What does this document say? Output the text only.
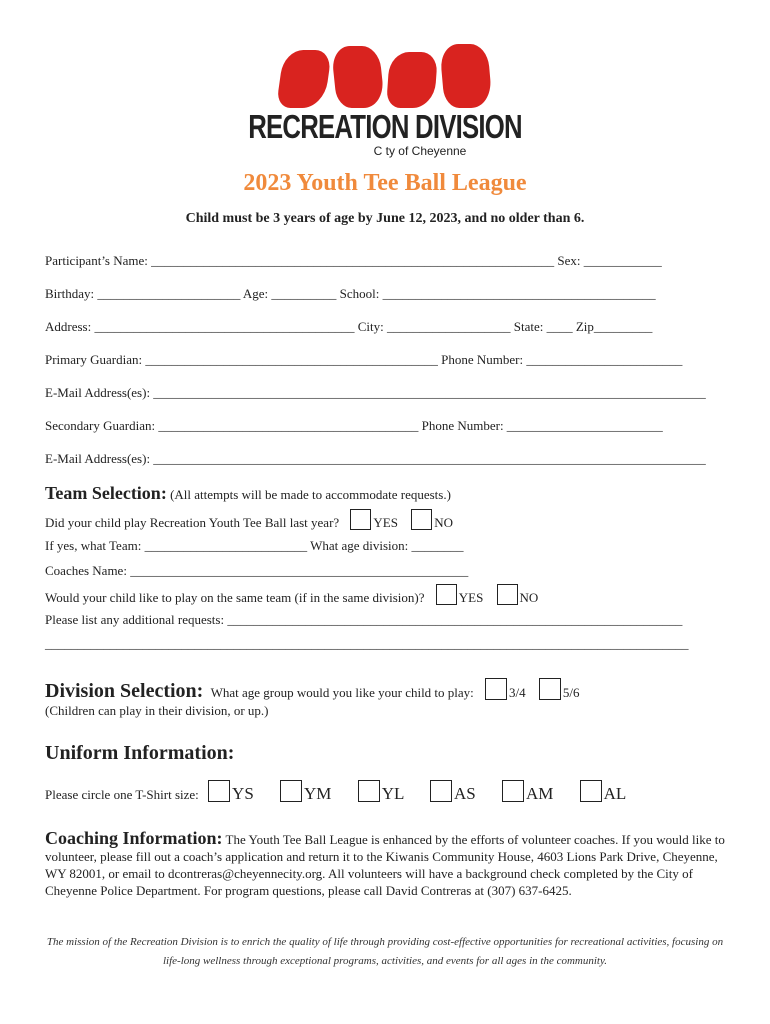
RECREATION DIVISION
C ty of Cheyenne
2023 Youth Tee Ball League
Child must be 3 years of age by June 12, 2023, and no older than 6.
Participant’s Name: ______________________________________________________________ Sex: ____________
Birthday: ______________________ Age: __________ School: __________________________________________
Address: ________________________________________ City: ___________________ State: ____ Zip_________
Primary Guardian: _____________________________________________ Phone Number: ________________________
E-Mail Address(es): _____________________________________________________________________________________
Secondary Guardian: ________________________________________ Phone Number: ________________________
E-Mail Address(es): _____________________________________________________________________________________
Team Selection: (All attempts will be made to accommodate requests.)
Did your child play Recreation Youth Tee Ball last year?	YES	NO
If yes, what Team: _________________________ What age division: ________
Coaches Name: ____________________________________________________
Would your child like to play on the same team (if in the same division)?	YES	NO
Please list any additional requests: ______________________________________________________________________
___________________________________________________________________________________________________
Division Selection: What age group would you like your child to play:	3/4	5/6
(Children can play in their division, or up.)
Uniform Information:
Please circle one T-Shirt size: YS	YM	YL	AS	AM	AL
Coaching Information: The Youth Tee Ball League is enhanced by the efforts of volunteer coaches. If you would like to volunteer, please fill out a coach’s application and return it to the Kiwanis Community House, 4603 Lions Park Drive, Cheyenne, WY 82001, or email to dcontreras@cheyennecity.org. All volunteers will have a background check completed by the City of Cheyenne Police Department. For program questions, please call David Contreras at (307) 637-6425.
The mission of the Recreation Division is to enrich the quality of life through providing cost-effective opportunities for recreational activities, focusing on life-long wellness through exceptional programs, activities, and events for all ages in the community.
